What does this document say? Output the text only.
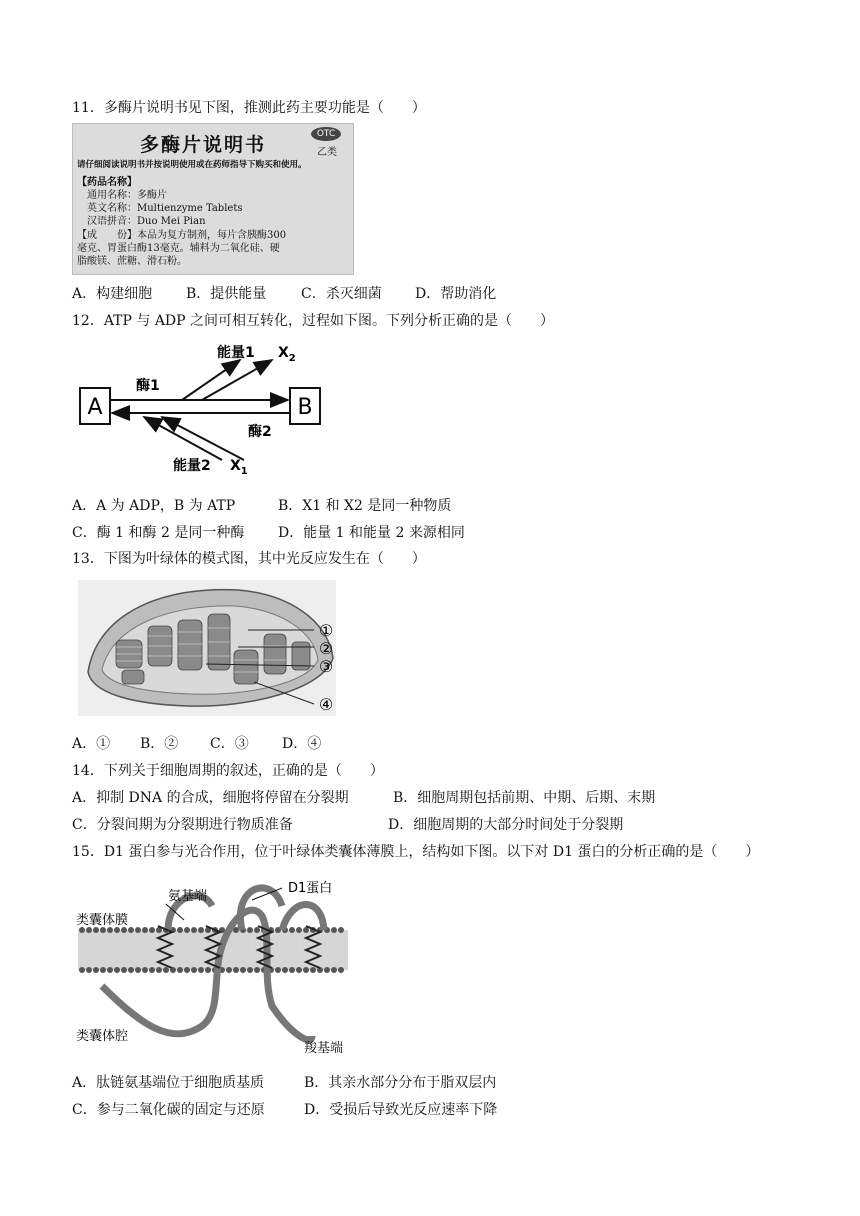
11．多酶片说明书见下图，推测此药主要功能是（　　）
多酶片说明书	OTC
乙类
请仔细阅读说明书并按说明使用或在药师指导下购买和使用。
【药品名称】
通用名称：多酶片
英文名称：Multienzyme Tablets
汉语拼音：Duo Mei Pian
【成　　份】本品为复方制剂，每片含胰酶300
毫克、胃蛋白酶13毫克。辅料为二氧化硅、硬
脂酸镁、蔗糖、滑石粉。
A．构建细胞 B．提供能量 C．杀灭细菌 D．帮助消化
12．ATP 与 ADP 之间可相互转化，过程如下图。下列分析正确的是（　　）
A	B
酶1
酶2
能量1 $X_2$
能量2 $X_1$
A．A 为 ADP，B 为 ATP	B．X1 和 X2 是同一种物质
C．酶 1 和酶 2 是同一种酶 D．能量 1 和能量 2 来源相同
13．下图为叶绿体的模式图，其中光反应发生在（　　）
①
②
③
④
A．① B．② C．③ D．④
14．下列关于细胞周期的叙述，正确的是（　　）
A．抑制 DNA 的合成，细胞将停留在分裂期	B．细胞周期包括前期、中期、后期、末期
C．分裂间期为分裂期进行物质准备	D．细胞周期的大部分时间处于分裂期
15．D1 蛋白参与光合作用，位于叶绿体类囊体薄膜上，结构如下图。以下对 D1 蛋白的分析正确的是（　　）
D1蛋白
氨基端
类囊体膜
类囊体腔
羧基端
A．肽链氨基端位于细胞质基质	B．其亲水部分分布于脂双层内
C．参与二氧化碳的固定与还原	D．受损后导致光反应速率下降
